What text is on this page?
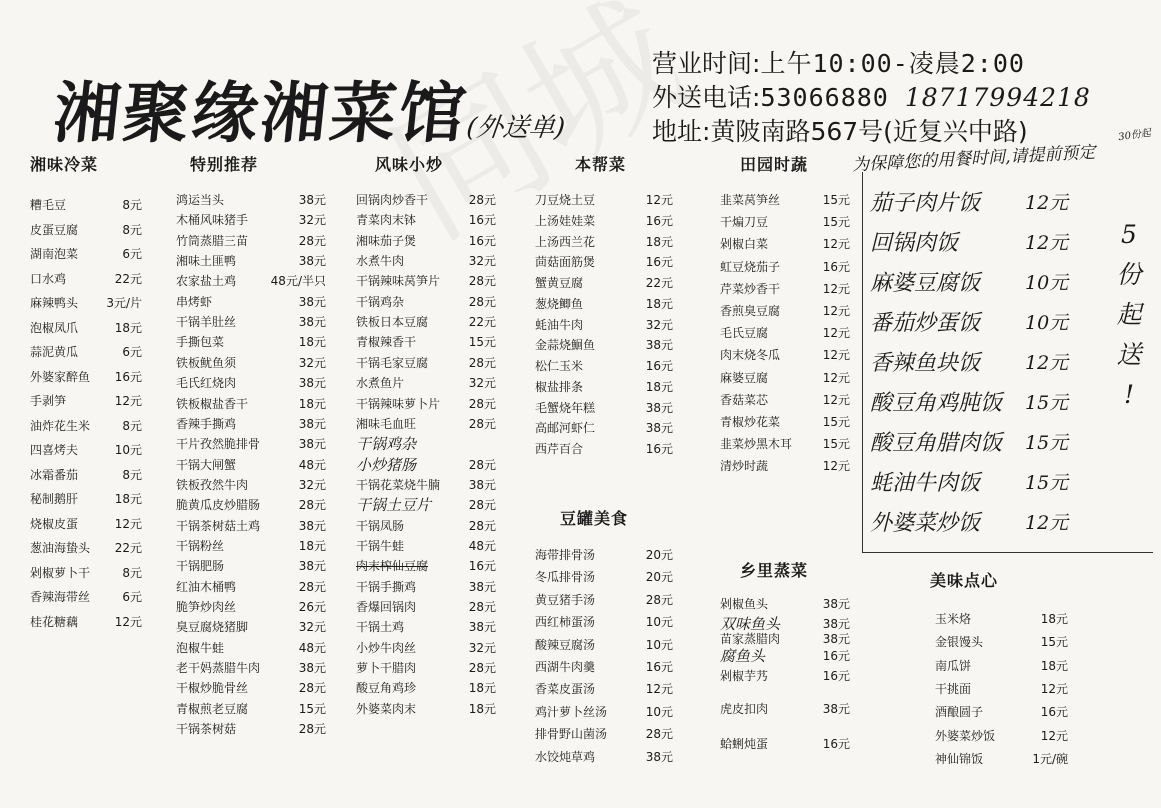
湘聚缘湘菜馆(外送单)
营业时间:上午10:00-凌晨2:00
外送电话:53066880 18717994218
地址:黄陂南路567号(近复兴中路)	30份起
为保障您的用餐时间,请提前预定
湘味冷菜
糟毛豆	8元
皮蛋豆腐	8元
湖南泡菜	6元
口水鸡	22元
麻辣鸭头	3元/片
泡椒凤爪	18元
蒜泥黄瓜	6元
外婆家醉鱼	16元
手剥笋	12元
油炸花生米	8元
四喜烤夫	10元
冰霜番茄	8元
秘制鹅肝	18元
烧椒皮蛋	12元
葱油海蛰头	22元
剁椒萝卜干	8元
香辣海带丝	6元
桂花糖藕	12元
特别推荐
鸿运当头	38元
木桶风味猪手	32元
竹筒蒸腊三苗	28元
湘味土匪鸭	38元
农家盐土鸡	48元/半只
串烤虾	38元
干锅羊肚丝	38元
手撕包菜	18元
铁板鱿鱼须	32元
毛氏红烧肉	38元
铁板椒盐香干	18元
香辣手撕鸡	38元
干片孜然脆排骨	38元
干锅大闸蟹	48元
铁板孜然牛肉	32元
脆黄瓜皮炒腊肠	28元
干锅茶树菇土鸡	38元
干锅粉丝	18元
干锅肥肠	38元
红油木桶鸭	28元
脆笋炒肉丝	26元
臭豆腐烧猪脚	32元
泡椒牛蛙	48元
老干妈蒸腊牛肉	38元
干椒炒脆骨丝	28元
青椒煎老豆腐	15元
干锅茶树菇	28元
风味小炒
回锅肉炒香干	28元
青菜肉末钵	16元
湘味茄子煲	16元
水煮牛肉	32元
干锅辣味莴笋片	28元
干锅鸡杂	28元
铁板日本豆腐	22元
青椒辣香干	15元
干锅毛家豆腐	28元
水煮鱼片	32元
干锅辣味萝卜片	28元
湘味毛血旺	28元
干锅鸡杂
小炒猪肠	28元
干锅花菜烧牛腩	38元
干锅土豆片	28元
干锅凤肠	28元
干锅牛蛙	48元
肉末榨仙豆腐	16元
干锅手撕鸡	38元
香爆回锅肉	28元
干锅土鸡	38元
小炒牛肉丝	32元
萝卜干腊肉	28元
酸豆角鸡珍	18元
外婆菜肉末	18元
本帮菜
刀豆烧土豆	12元
上汤娃娃菜	16元
上汤西兰花	18元
茴菇面筋煲	16元
蟹黄豆腐	22元
葱烧鲫鱼	18元
蚝油牛肉	32元
金蒜烧鮰鱼	38元
松仁玉米	16元
椒盐排条	18元
毛蟹烧年糕	38元
高邮河虾仁	38元
西芹百合	16元
豆罐美食
海带排骨汤	20元
冬瓜排骨汤	20元
黄豆猪手汤	28元
西红柿蛋汤	10元
酸辣豆腐汤	10元
西湖牛肉羹	16元
香菜皮蛋汤	12元
鸡汁萝卜丝汤	10元
排骨野山菌汤	28元
水饺炖草鸡	38元
田园时蔬
韭菜莴笋丝	15元
干煸刀豆	15元
剁椒白菜	12元
虹豆烧茄子	16元
芹菜炒香干	12元
香煎臭豆腐	12元
毛氏豆腐	12元
肉末烧冬瓜	12元
麻婆豆腐	12元
香菇菜芯	12元
青椒炒花菜	15元
韭菜炒黑木耳	15元
清炒时蔬	12元
乡里蒸菜
剁椒鱼头	38元
双味鱼头	38元
苗家蒸腊肉	38元
腐鱼头	16元
剁椒芋艿	16元
虎皮扣肉	38元
蛤蜊炖蛋	16元
美味点心
玉米烙	18元
金银馒头	15元
南瓜饼	18元
干挑面	12元
酒酿圆子	16元
外婆菜炒饭	12元
神仙锦饭	1元/碗
茄子肉片饭 12元
回锅肉饭	12元
麻婆豆腐饭 10元
番茄炒蛋饭 10元
香辣鱼块饭 12元
酸豆角鸡肫饭 15元
酸豆角腊肉饭 15元
蚝油牛肉饭 15元
外婆菜炒饭 12元
5
份
起
送
!
